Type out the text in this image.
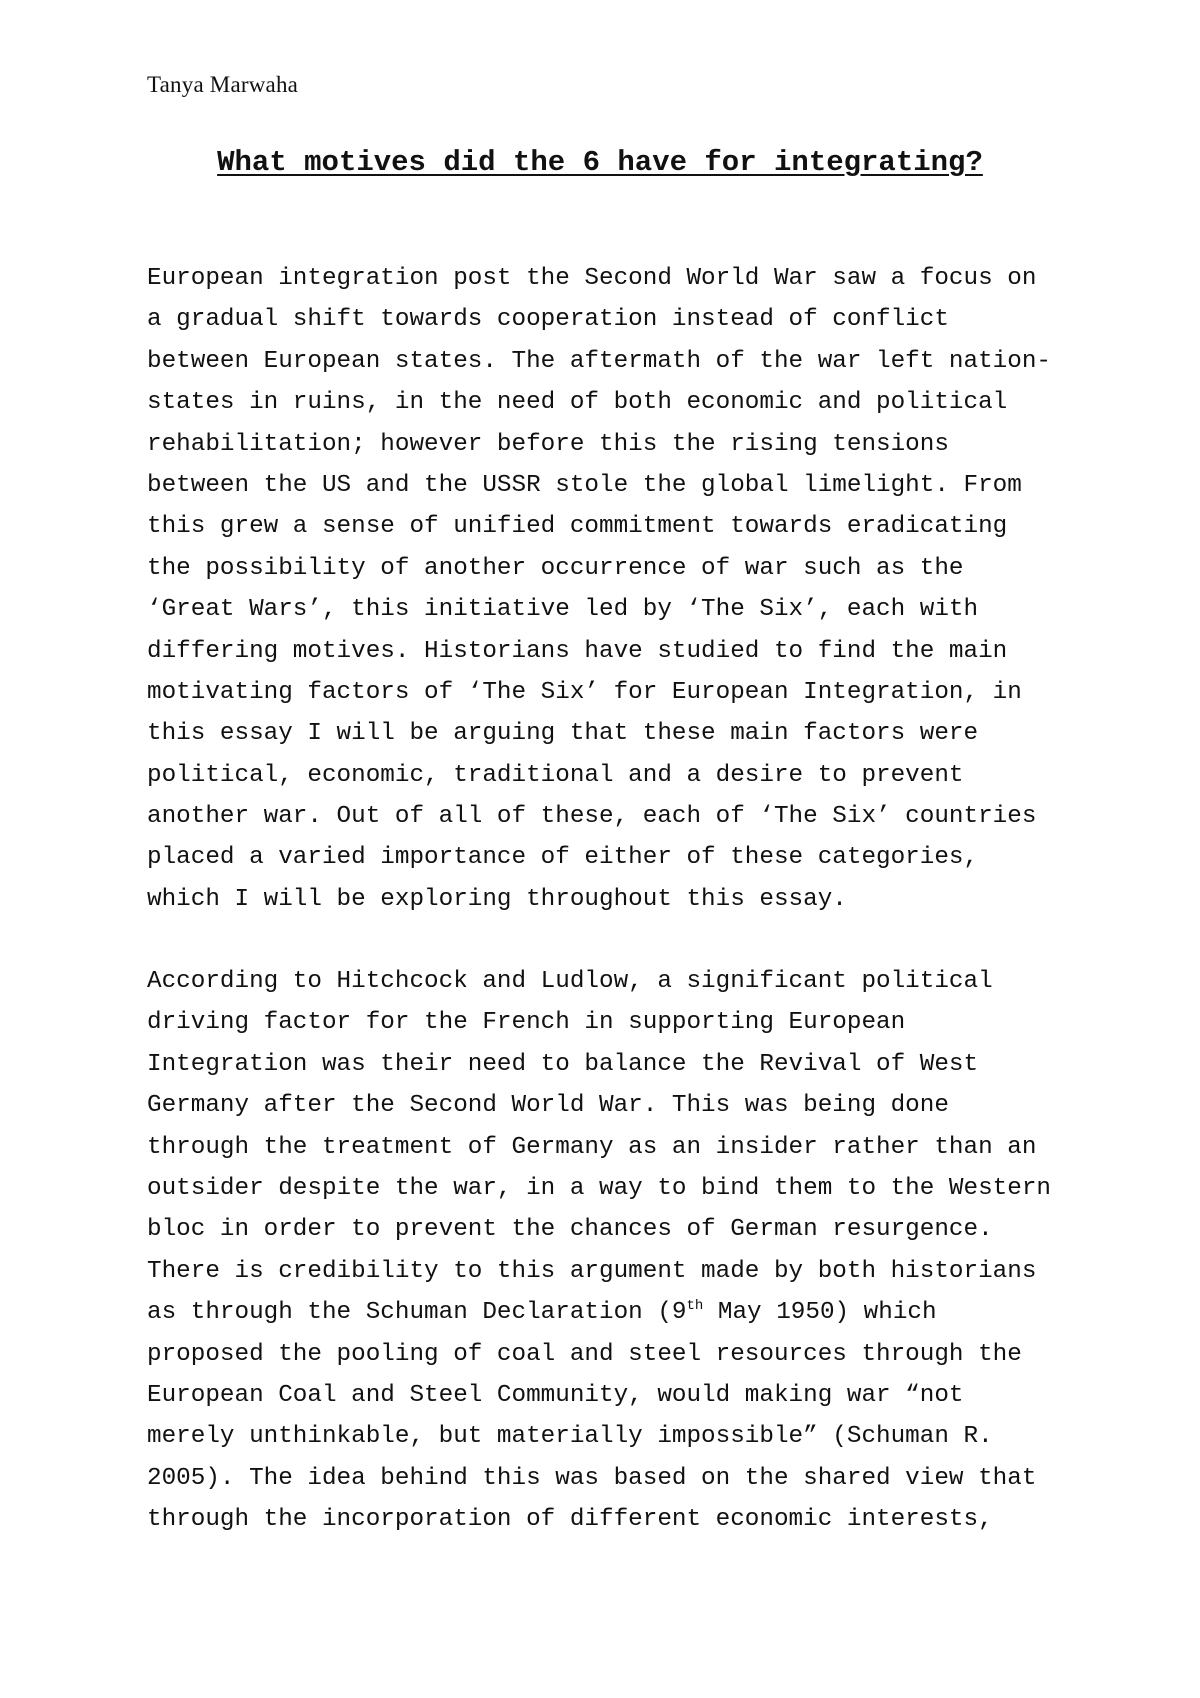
Tanya Marwaha
What motives did the 6 have for integrating?
European integration post the Second World War saw a focus on
a gradual shift towards cooperation instead of conflict
between European states. The aftermath of the war left nation-
states in ruins, in the need of both economic and political
rehabilitation; however before this the rising tensions
between the US and the USSR stole the global limelight. From
this grew a sense of unified commitment towards eradicating
the possibility of another occurrence of war such as the
‘Great Wars’, this initiative led by ‘The Six’, each with
differing motives. Historians have studied to find the main
motivating factors of ‘The Six’ for European Integration, in
this essay I will be arguing that these main factors were
political, economic, traditional and a desire to prevent
another war. Out of all of these, each of ‘The Six’ countries
placed a varied importance of either of these categories,
which I will be exploring throughout this essay.
According to Hitchcock and Ludlow, a significant political
driving factor for the French in supporting European
Integration was their need to balance the Revival of West
Germany after the Second World War. This was being done
through the treatment of Germany as an insider rather than an
outsider despite the war, in a way to bind them to the Western
bloc in order to prevent the chances of German resurgence.
There is credibility to this argument made by both historians
as through the Schuman Declaration (9th May 1950) which
proposed the pooling of coal and steel resources through the
European Coal and Steel Community, would making war “not
merely unthinkable, but materially impossible” (Schuman R.
2005). The idea behind this was based on the shared view that
through the incorporation of different economic interests,
